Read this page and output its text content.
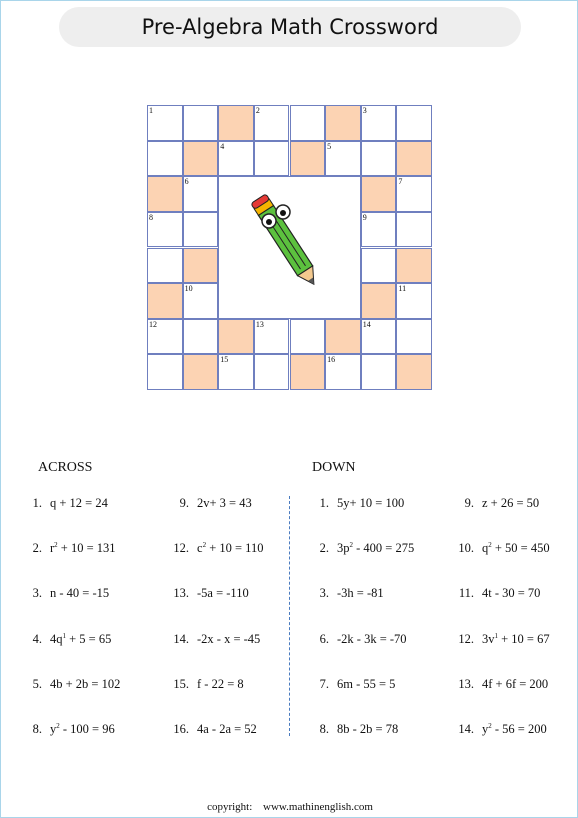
Pre-Algebra Math Crossword
1	2	3
4	5
6	7
8	9
10	11
12	13	14
15	16
ACROSS	DOWN
1. q + 12 = 24
2. $r^2 + 10 = 131$
3. n - 40 = -15
4. $4q^1 + 5 = 65$
5. 4b + 2b = 102
8. $y^2 - 100 = 96$
9. 2v+ 3 = 43
12. $c^2 + 10 = 110$
13. -5a = -110
14. -2x - x = -45
15. f - 22 = 8
16. 4a - 2a = 52
1. 5y+ 10 = 100
2. $3p^2 - 400 = 275$
3. -3h = -81
6. -2k - 3k = -70
7. 6m - 55 = 5
8. 8b - 2b = 78
9. z + 26 = 50
10. $q^2 + 50 = 450$
11. 4t - 30 = 70
12. $3v^1 + 10 = 67$
13. 4f + 6f = 200
14. $y^2 - 56 = 200$
copyright: www.mathinenglish.com
